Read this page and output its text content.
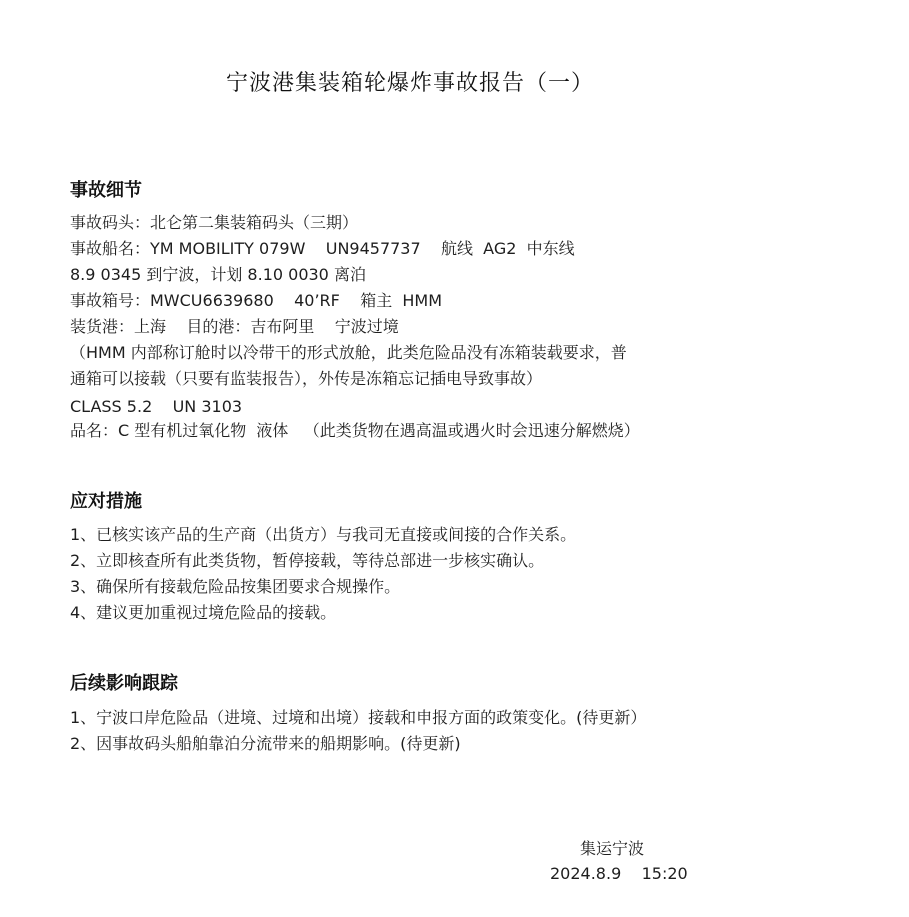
宁波港集装箱轮爆炸事故报告（一）
事故细节
事故码头：北仑第二集装箱码头（三期）
事故船名：YM MOBILITY 079W    UN9457737    航线  AG2  中东线
8.9 0345 到宁波，计划 8.10 0030 离泊
事故箱号：MWCU6639680    40’RF    箱主  HMM
装货港：上海    目的港：吉布阿里    宁波过境
（HMM 内部称订舱时以冷带干的形式放舱，此类危险品没有冻箱装载要求，普
通箱可以接载（只要有监装报告），外传是冻箱忘记插电导致事故）
CLASS 5.2    UN 3103
品名：C 型有机过氧化物  液体   （此类货物在遇高温或遇火时会迅速分解燃烧）
应对措施
1、已核实该产品的生产商（出货方）与我司无直接或间接的合作关系。
2、立即核查所有此类货物，暂停接载，等待总部进一步核实确认。
3、确保所有接载危险品按集团要求合规操作。
4、建议更加重视过境危险品的接载。
后续影响跟踪
1、宁波口岸危险品（进境、过境和出境）接载和申报方面的政策变化。(待更新）
2、因事故码头船舶靠泊分流带来的船期影响。(待更新)
集运宁波
2024.8.9    15:20
